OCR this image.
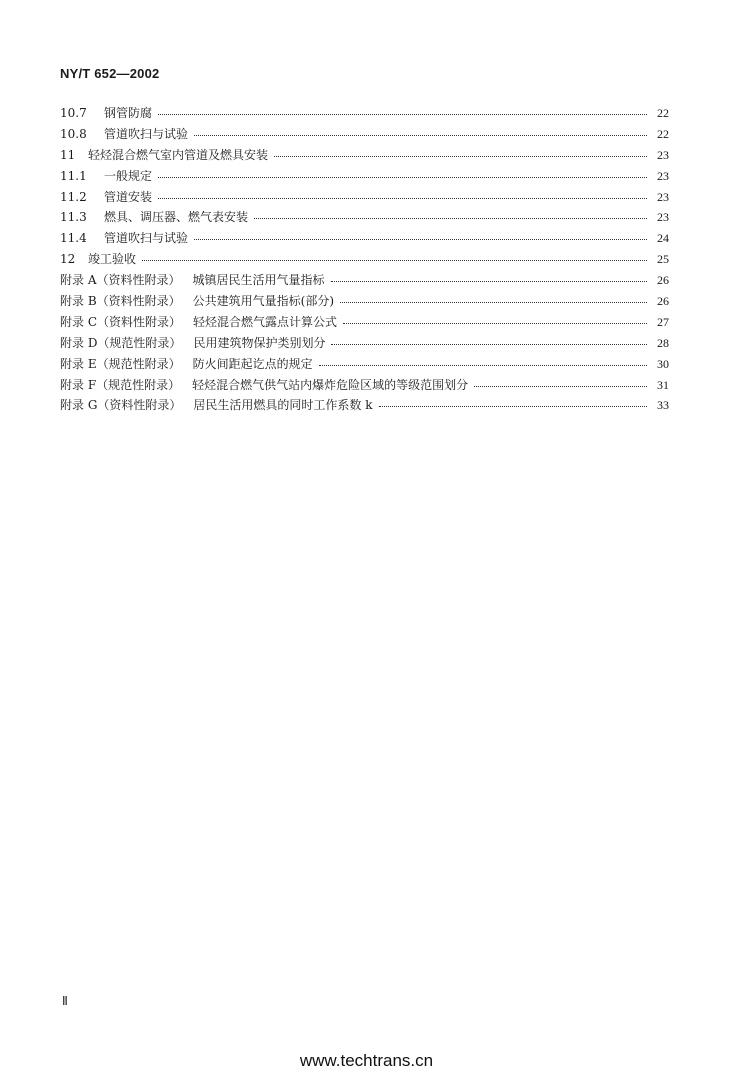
NY/T 652—2002
10.7 钢管防腐	22
10.8 管道吹扫与试验	22
11	轻烃混合燃气室内管道及燃具安装	23
11.1 一般规定	23
11.2 管道安装	23
11.3 燃具、调压器、燃气表安装	23
11.4 管道吹扫与试验	24
12	竣工验收	25
附录 A（资料性附录） 城镇居民生活用气量指标	26
附录 B（资料性附录） 公共建筑用气量指标(部分)	26
附录 C（资料性附录） 轻烃混合燃气露点计算公式	27
附录 D（规范性附录） 民用建筑物保护类别划分	28
附录 E（规范性附录） 防火间距起讫点的规定	30
附录 F（规范性附录） 轻烃混合燃气供气站内爆炸危险区域的等级范围划分	31
附录 G（资料性附录） 居民生活用燃具的同时工作系数 k	33
Ⅱ
www.techtrans.cn
